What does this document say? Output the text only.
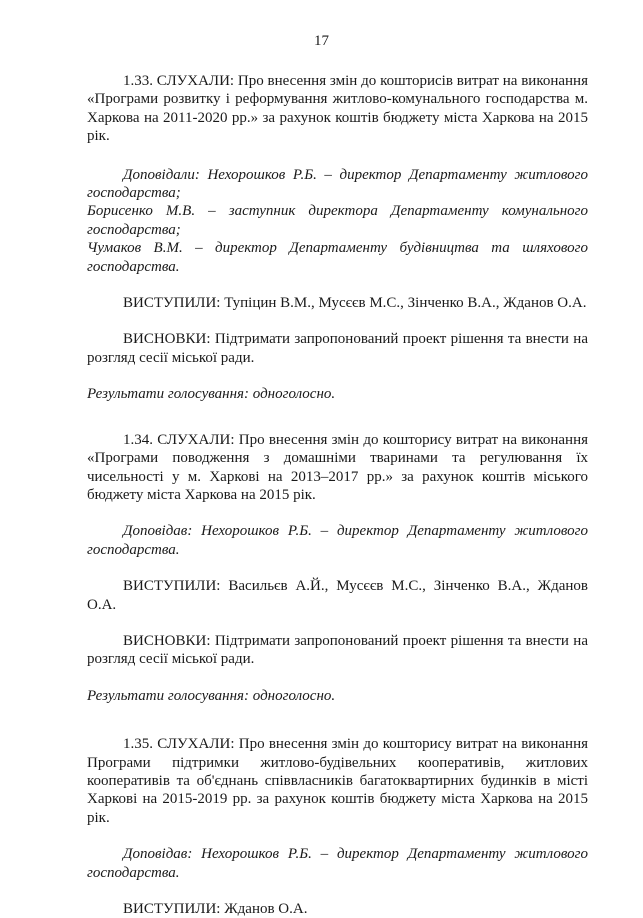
17

1.33. СЛУХАЛИ: Про внесення змін до кошторисів витрат на виконання «Програми розвитку і реформування житлово-комунального господарства м. Харкова на 2011-2020 рр.» за рахунок коштів бюджету міста Харкова на 2015 рік.

Доповідали: Нехорошков Р.Б. – директор Департаменту житлового господарства;

Борисенко М.В. – заступник директора Департаменту комунального господарства;

Чумаков В.М. – директор Департаменту будівництва та шляхового господарства.

ВИСТУПИЛИ: Тупіцин В.М., Мусєєв М.С., Зінченко В.А., Жданов О.А.

ВИСНОВКИ: Підтримати запропонований проект рішення та внести на розгляд сесії міської ради.

Результати голосування: одноголосно.

1.34. СЛУХАЛИ: Про внесення змін до кошторису витрат на виконання «Програми поводження з домашніми тваринами та регулювання їх чисельності у м. Харкові на 2013–2017 рр.» за рахунок коштів міського бюджету міста Харкова на 2015 рік.

Доповідав: Нехорошков Р.Б. – директор Департаменту житлового господарства.

ВИСТУПИЛИ: Васильєв А.Й., Мусєєв М.С., Зінченко В.А., Жданов О.А.

ВИСНОВКИ: Підтримати запропонований проект рішення та внести на розгляд сесії міської ради.

Результати голосування: одноголосно.

1.35. СЛУХАЛИ: Про внесення змін до кошторису витрат на виконання Програми підтримки житлово-будівельних кооперативів, житлових кооперативів та об'єднань співвласників багатоквартирних будинків в місті Харкові на 2015-2019 рр. за рахунок коштів бюджету міста Харкова на 2015 рік.

Доповідав: Нехорошков Р.Б. – директор Департаменту житлового господарства.

ВИСТУПИЛИ: Жданов О.А.
